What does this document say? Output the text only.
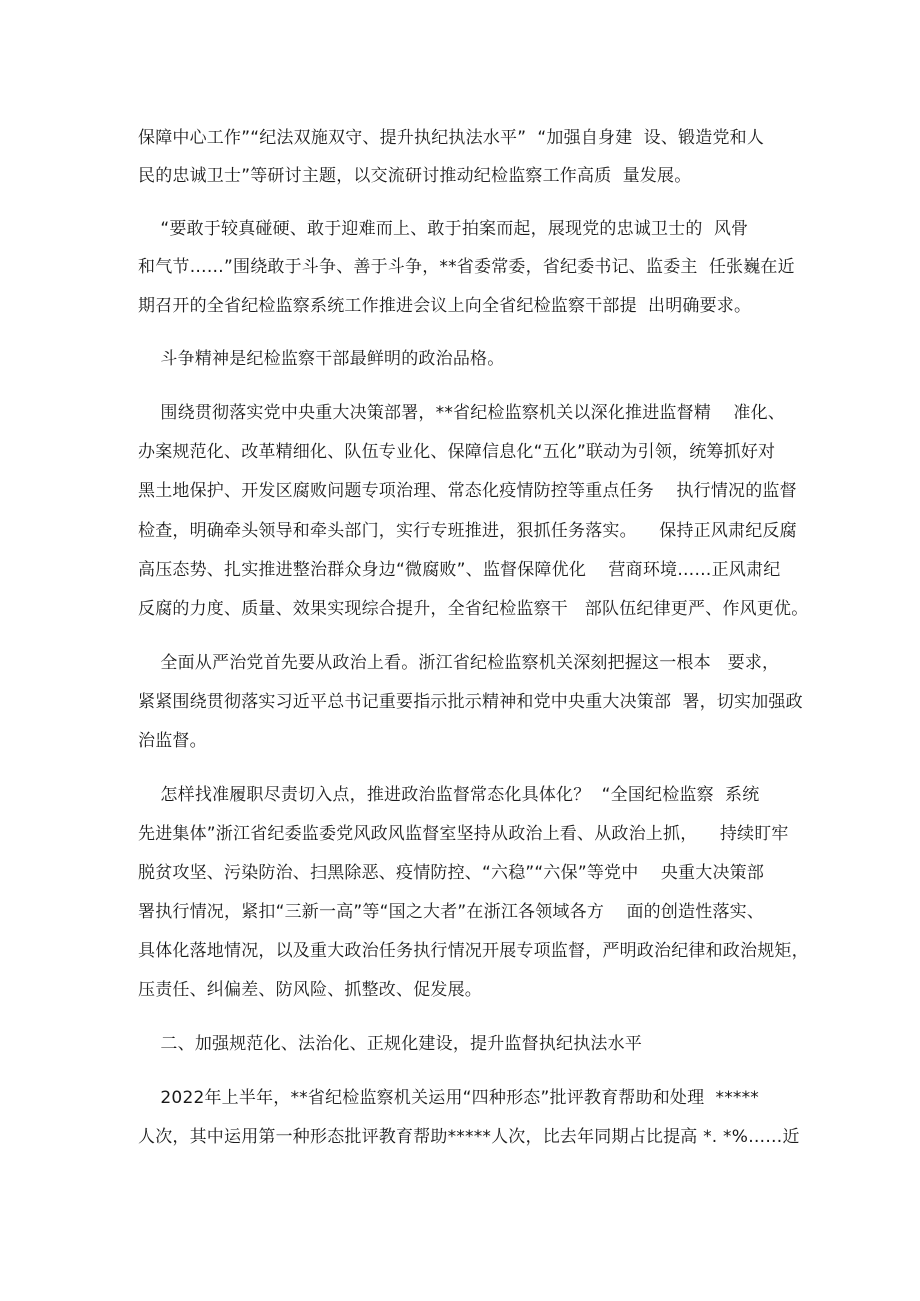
保障中心工作”“纪法双施双守、提升执纪执法水平”  “加强自身建  设、锻造党和人

民的忠诚卫士”等研讨主题，以交流研讨推动纪检监察工作高质  量发展。

“要敢于较真碰硬、敢于迎难而上、敢于拍案而起，展现党的忠诚卫士的  风骨

和气节……”围绕敢于斗争、善于斗争，**省委常委，省纪委书记、监委主  任张巍在近

期召开的全省纪检监察系统工作推进会议上向全省纪检监察干部提  出明确要求。

斗争精神是纪检监察干部最鲜明的政治品格。

围绕贯彻落实党中央重大决策部署，**省纪检监察机关以深化推进监督精    准化、

办案规范化、改革精细化、队伍专业化、保障信息化“五化”联动为引领，统筹抓好对

黑土地保护、开发区腐败问题专项治理、常态化疫情防控等重点任务    执行情况的监督

检查，明确牵头领导和牵头部门，实行专班推进，狠抓任务落实。    保持正风肃纪反腐

高压态势、扎实推进整治群众身边“微腐败”、监督保障优化    营商环境……正风肃纪

反腐的力度、质量、效果实现综合提升，全省纪检监察干   部队伍纪律更严、作风更优。

全面从严治党首先要从政治上看。浙江省纪检监察机关深刻把握这一根本   要求，

紧紧围绕贯彻落实习近平总书记重要指示批示精神和党中央重大决策部  署，切实加强政

治监督。

怎样找准履职尽责切入点，推进政治监督常态化具体化？  “全国纪检监察  系统

先进集体”浙江省纪委监委党风政风监督室坚持从政治上看、从政治上抓，    持续盯牢

脱贫攻坚、污染防治、扫黑除恶、疫情防控、“六稳”“六保”等党中    央重大决策部

署执行情况，紧扣“三新一高”等“国之大者”在浙江各领域各方    面的创造性落实、

具体化落地情况，以及重大政治任务执行情况开展专项监督，严明政治纪律和政治规矩，

压责任、纠偏差、防风险、抓整改、促发展。

二、加强规范化、法治化、正规化建设，提升监督执纪执法水平

2022年上半年，**省纪检监察机关运用“四种形态”批评教育帮助和处理  *****

人次，其中运用第一种形态批评教育帮助*****人次，比去年同期占比提高 *. *%……近
